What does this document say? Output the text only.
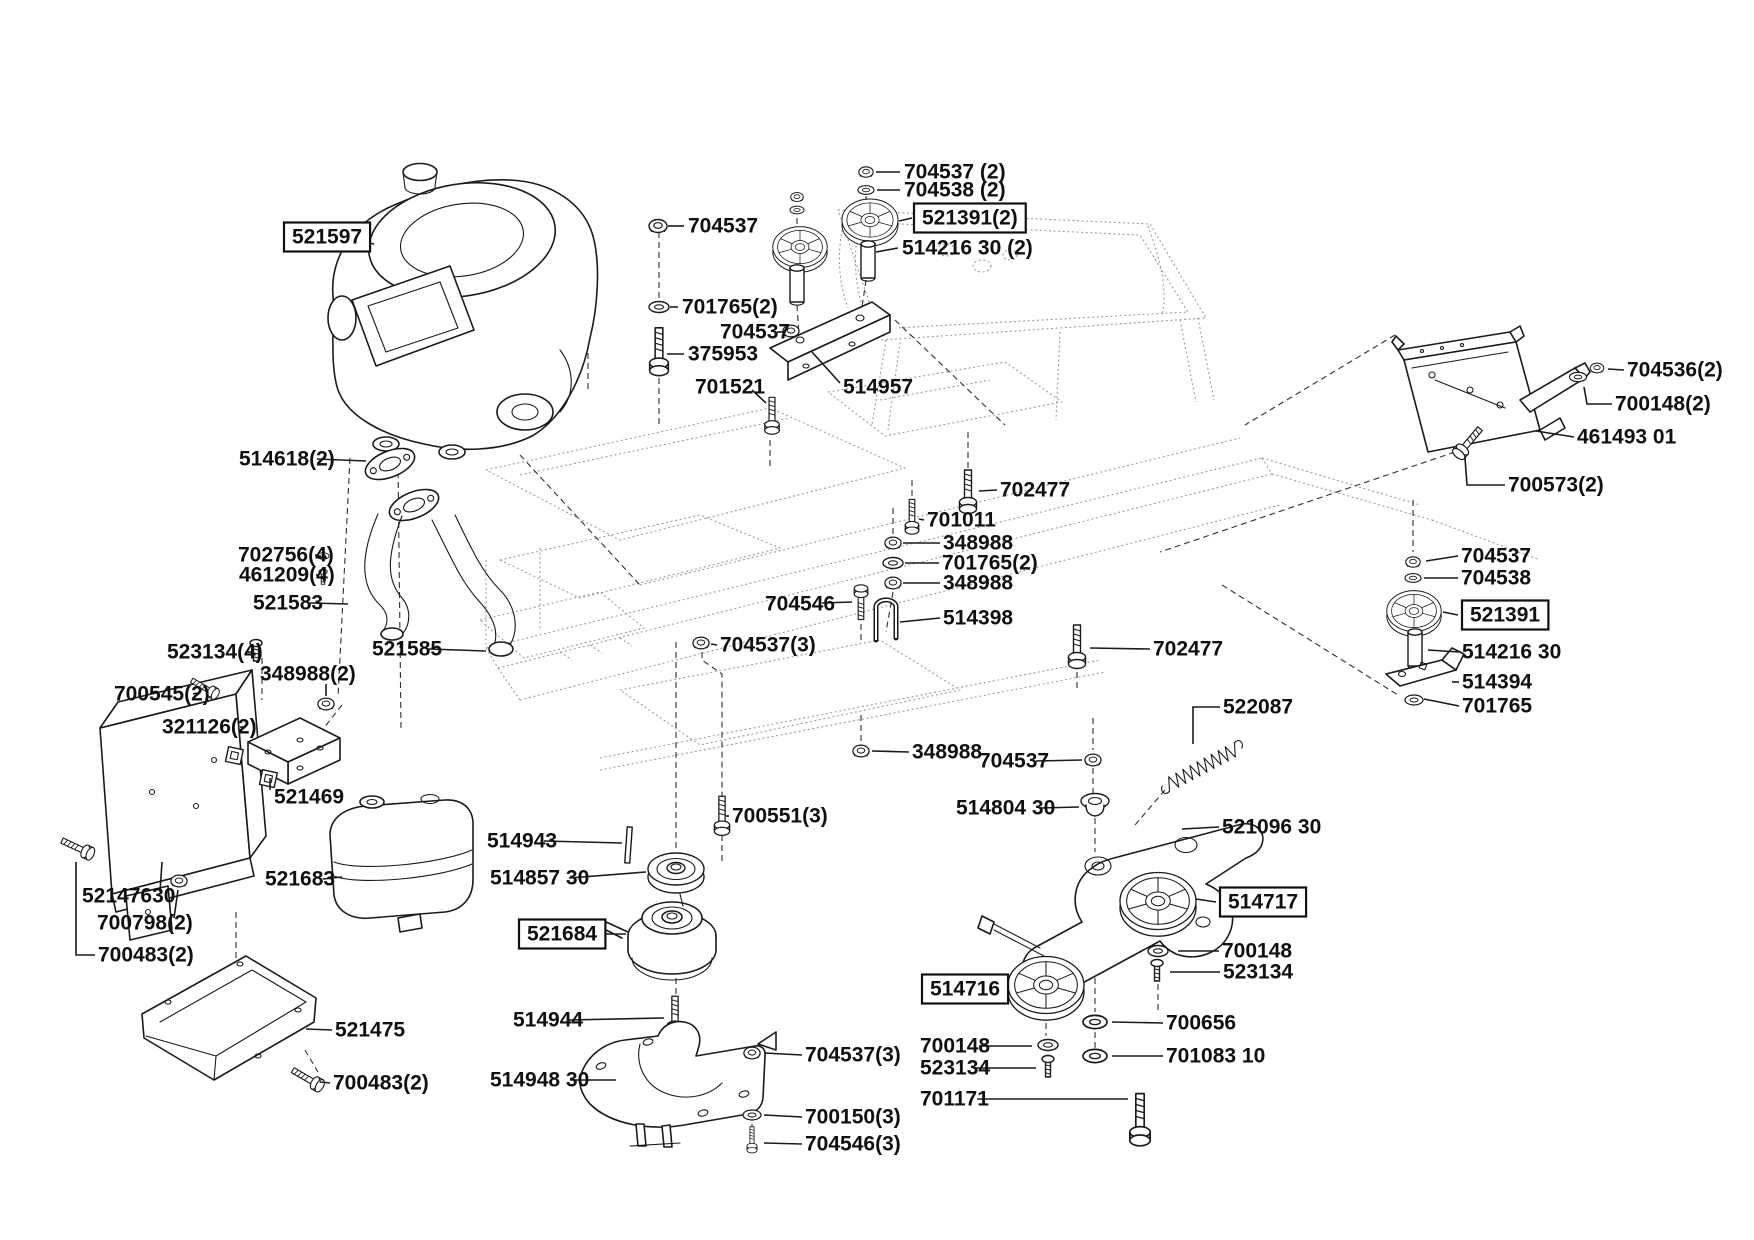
704537 (2)
704538 (2)
521391(2)
514216 30 (2)
704537
701765(2)
375953
704537
701521	514957
521597
514618(2)
702756(4)
461209(4)
521583
521585
523134(4)
348988(2)
700545(2)
321126(2)
521469
52147630
700798(2)
700483(2)
521475
700483(2)
521683
700551(3)
514943
514857 30
521684
514944
514948 30
704537(3)
700150(3)
704546(3)
702477
701011
348988
701765(2)
348988
704546
514398
704537(3)	702477
348988
704537
514804 30
522087
521096 30
514717
700148
523134
700656
701083 10
514716
700148
523134
701171
704536(2)
700148(2)
461493 01
700573(2)
704537
704538
521391
514216 30
514394
701765
